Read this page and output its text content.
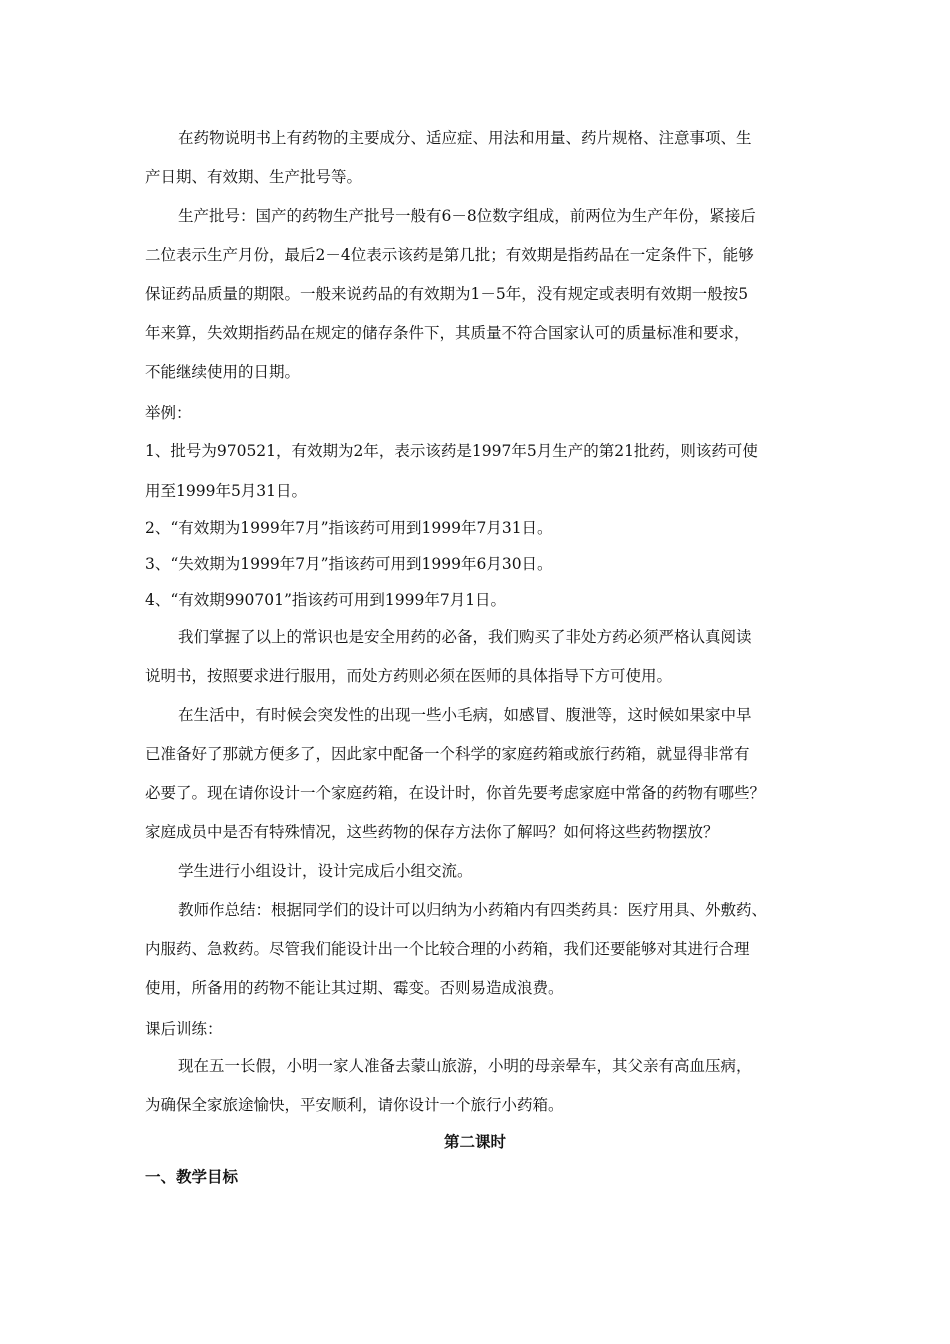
在药物说明书上有药物的主要成分、适应症、用法和用量、药片规格、注意事项、生
产日期、有效期、生产批号等。
生产批号：国产的药物生产批号一般有6－8位数字组成，前两位为生产年份，紧接后
二位表示生产月份，最后2－4位表示该药是第几批；有效期是指药品在一定条件下，能够
保证药品质量的期限。一般来说药品的有效期为1－5年，没有规定或表明有效期一般按5
年来算，失效期指药品在规定的储存条件下，其质量不符合国家认可的质量标准和要求，
不能继续使用的日期。
举例：
1、批号为970521，有效期为2年，表示该药是1997年5月生产的第21批药，则该药可使
用至1999年5月31日。
2、“有效期为1999年7月”指该药可用到1999年7月31日。
3、“失效期为1999年7月”指该药可用到1999年6月30日。
4、“有效期990701”指该药可用到1999年7月1日。
我们掌握了以上的常识也是安全用药的必备，我们购买了非处方药必须严格认真阅读
说明书，按照要求进行服用，而处方药则必须在医师的具体指导下方可使用。
在生活中，有时候会突发性的出现一些小毛病，如感冒、腹泄等，这时候如果家中早
已准备好了那就方便多了，因此家中配备一个科学的家庭药箱或旅行药箱，就显得非常有
必要了。现在请你设计一个家庭药箱，在设计时，你首先要考虑家庭中常备的药物有哪些？
家庭成员中是否有特殊情况，这些药物的保存方法你了解吗？如何将这些药物摆放？
学生进行小组设计，设计完成后小组交流。
教师作总结：根据同学们的设计可以归纳为小药箱内有四类药具：医疗用具、外敷药、
内服药、急救药。尽管我们能设计出一个比较合理的小药箱，我们还要能够对其进行合理
使用，所备用的药物不能让其过期、霉变。否则易造成浪费。
课后训练：
现在五一长假，小明一家人准备去蒙山旅游，小明的母亲晕车，其父亲有高血压病，
为确保全家旅途愉快，平安顺利，请你设计一个旅行小药箱。
第二课时
一、教学目标
